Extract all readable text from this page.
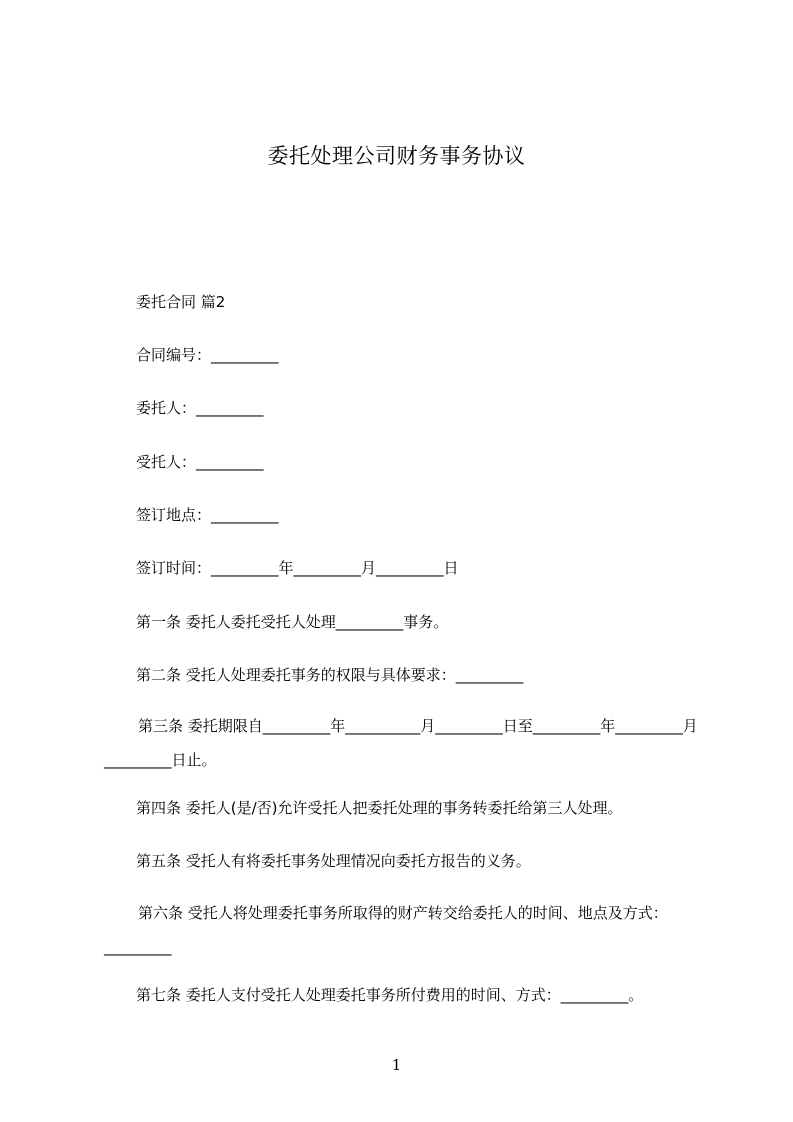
委托处理公司财务事务协议

委托合同 篇2

合同编号：_________

委托人：_________

受托人：_________

签订地点：_________

签订时间：_________年_________月_________日

第一条 委托人委托受托人处理_________事务。

第二条 受托人处理委托事务的权限与具体要求：_________

第三条 委托期限自_________年__________月_________日至_________年_________月_________日止。

第四条 委托人(是/否)允许受托人把委托处理的事务转委托给第三人处理。

第五条 受托人有将委托事务处理情况向委托方报告的义务。

第六条 受托人将处理委托事务所取得的财产转交给委托人的时间、地点及方式：_________

第七条 委托人支付受托人处理委托事务所付费用的时间、方式：_________。

1
